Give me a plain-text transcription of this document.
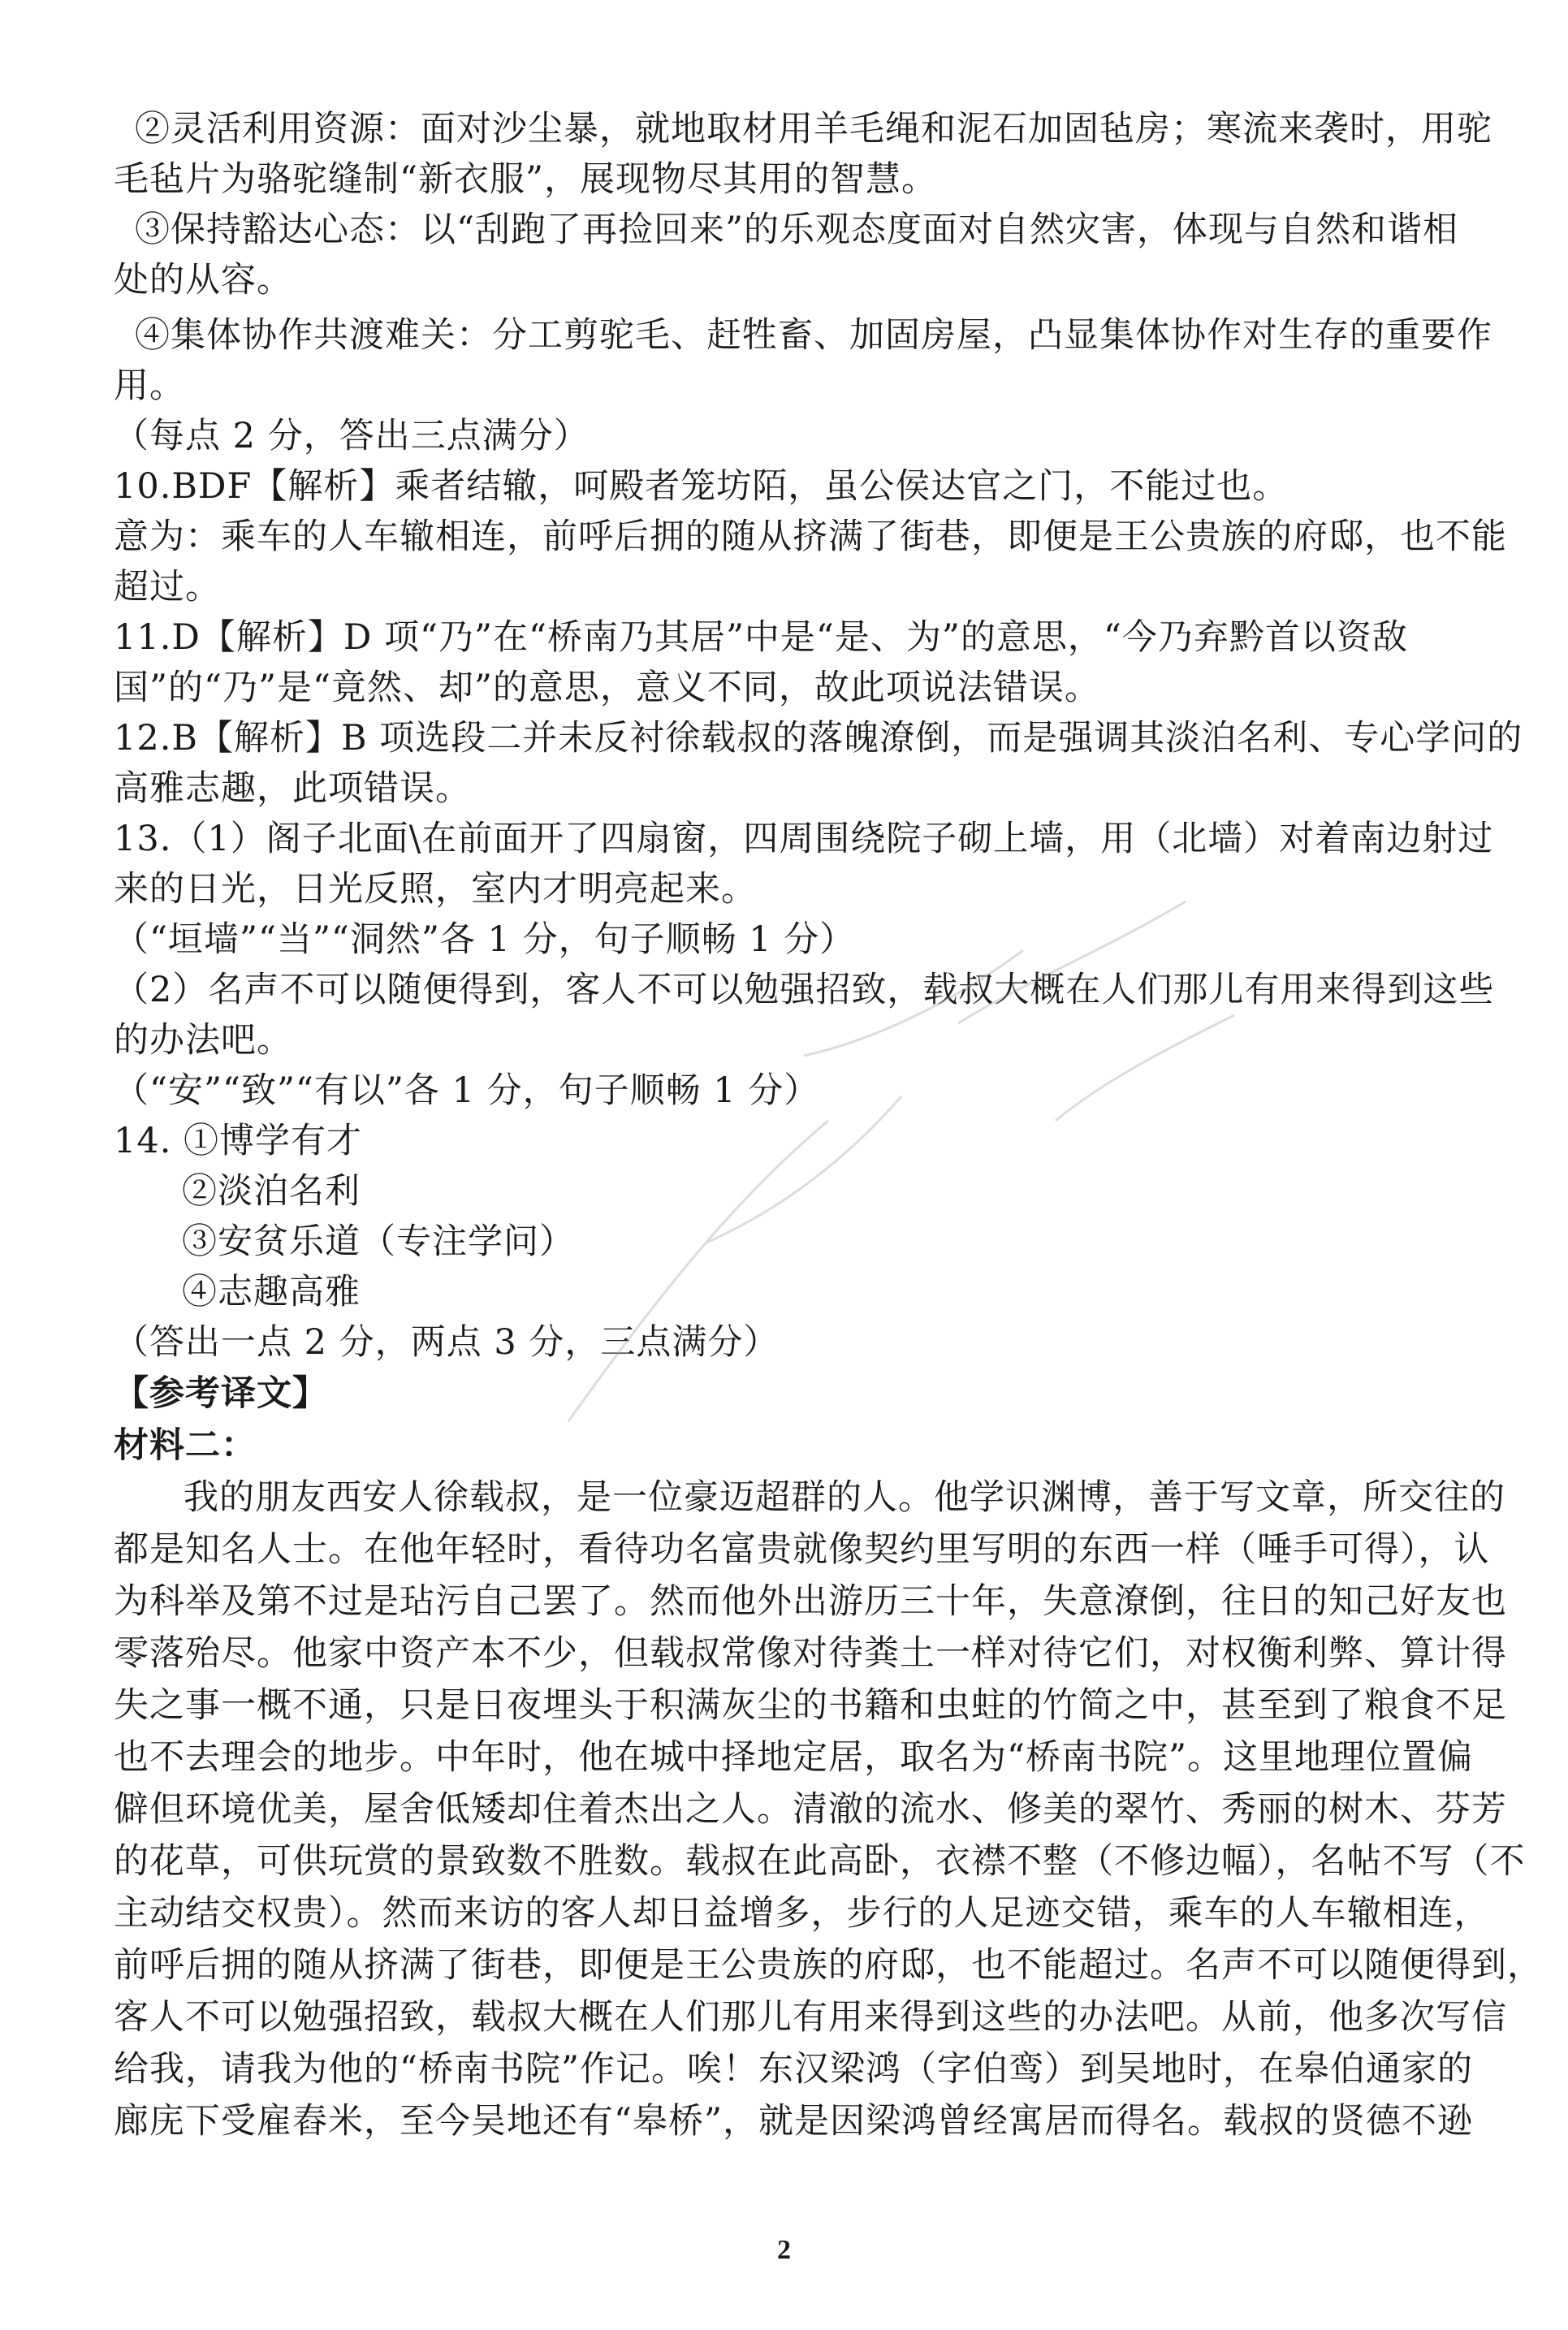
②灵活利用资源：面对沙尘暴，就地取材用羊毛绳和泥石加固毡房；寒流来袭时，用驼

毛毡片为骆驼缝制“新衣服”，展现物尽其用的智慧。

③保持豁达心态：以“刮跑了再捡回来”的乐观态度面对自然灾害，体现与自然和谐相

处的从容。

④集体协作共渡难关：分工剪驼毛、赶牲畜、加固房屋，凸显集体协作对生存的重要作

用。

（每点 2 分，答出三点满分）

10.BDF【解析】乘者结辙，呵殿者笼坊陌，虽公侯达官之门，不能过也。

意为：乘车的人车辙相连，前呼后拥的随从挤满了街巷，即便是王公贵族的府邸，也不能

超过。

11.D【解析】D 项“乃”在“桥南乃其居”中是“是、为”的意思，“今乃弃黔首以资敌

国”的“乃”是“竟然、却”的意思，意义不同，故此项说法错误。

12.B【解析】B 项选段二并未反衬徐载叔的落魄潦倒，而是强调其淡泊名利、专心学问的

高雅志趣，此项错误。

13.（1）阁子北面\在前面开了四扇窗，四周围绕院子砌上墙，用（北墙）对着南边射过

来的日光，日光反照，室内才明亮起来。

（“垣墙”“当”“洞然”各 1 分，句子顺畅 1 分）

（2）名声不可以随便得到，客人不可以勉强招致，载叔大概在人们那儿有用来得到这些

的办法吧。

（“安”“致”“有以”各 1 分，句子顺畅 1 分）

14. ①博学有才

②淡泊名利

③安贫乐道（专注学问）

④志趣高雅

（答出一点 2 分，两点 3 分，三点满分）

【参考译文】

材料二：

我的朋友西安人徐载叔，是一位豪迈超群的人。他学识渊博，善于写文章，所交往的

都是知名人士。在他年轻时，看待功名富贵就像契约里写明的东西一样（唾手可得），认

为科举及第不过是玷污自己罢了。然而他外出游历三十年，失意潦倒，往日的知己好友也

零落殆尽。他家中资产本不少，但载叔常像对待粪土一样对待它们，对权衡利弊、算计得

失之事一概不通，只是日夜埋头于积满灰尘的书籍和虫蛀的竹简之中，甚至到了粮食不足

也不去理会的地步。中年时，他在城中择地定居，取名为“桥南书院”。这里地理位置偏

僻但环境优美，屋舍低矮却住着杰出之人。清澈的流水、修美的翠竹、秀丽的树木、芬芳

的花草，可供玩赏的景致数不胜数。载叔在此高卧，衣襟不整（不修边幅），名帖不写（不

主动结交权贵）。然而来访的客人却日益增多，步行的人足迹交错，乘车的人车辙相连，

前呼后拥的随从挤满了街巷，即便是王公贵族的府邸，也不能超过。名声不可以随便得到，

客人不可以勉强招致，载叔大概在人们那儿有用来得到这些的办法吧。从前，他多次写信

给我，请我为他的“桥南书院”作记。唉！东汉梁鸿（字伯鸾）到吴地时，在皋伯通家的

廊庑下受雇舂米，至今吴地还有“皋桥”，就是因梁鸿曾经寓居而得名。载叔的贤德不逊

2
